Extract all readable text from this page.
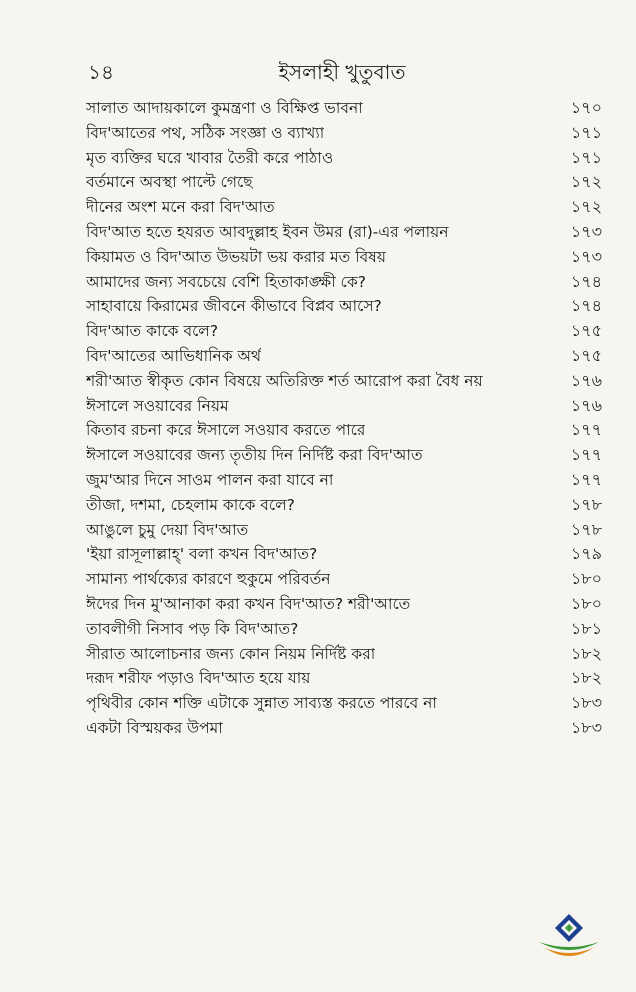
১৪	ইসলাহী খুতুবাত
সালাত আদায়কালে কুমন্ত্রণা ও বিক্ষিপ্ত ভাবনা	১৭০
বিদ'আতের পথ, সঠিক সংজ্ঞা ও ব্যাখ্যা	১৭১
মৃত ব্যক্তির ঘরে খাবার তৈরী করে পাঠাও	১৭১
বর্তমানে অবস্থা পাল্টে গেছে	১৭২
দীনের অংশ মনে করা বিদ'আত	১৭২
বিদ'আত হতে হযরত আবদুল্লাহ ইবন উমর (রা)-এর পলায়ন	১৭৩
কিয়ামত ও বিদ'আত উভয়টা ভয় করার মত বিষয়	১৭৩
আমাদের জন্য সবচেয়ে বেশি হিতাকাঙ্ক্ষী কে?	১৭৪
সাহাবায়ে কিরামের জীবনে কীভাবে বিপ্লব আসে?	১৭৪
বিদ'আত কাকে বলে?	১৭৫
বিদ'আতের আভিধানিক অর্থ	১৭৫
শরী'আত স্বীকৃত কোন বিষয়ে অতিরিক্ত শর্ত আরোপ করা বৈধ নয়	১৭৬
ঈসালে সওয়াবের নিয়ম	১৭৬
কিতাব রচনা করে ঈসালে সওয়াব করতে পারে	১৭৭
ঈসালে সওয়াবের জন্য তৃতীয় দিন নির্দিষ্ট করা বিদ'আত	১৭৭
জুম'আর দিনে সাওম পালন করা যাবে না	১৭৭
তীজা, দশমা, চেহলাম কাকে বলে?	১৭৮
আঙুলে চুমু দেয়া বিদ'আত	১৭৮
'ইয়া রাসূলাল্লাহ্' বলা কখন বিদ'আত?	১৭৯
সামান্য পার্থক্যের কারণে হুকুমে পরিবর্তন	১৮০
ঈদের দিন মু'আনাকা করা কখন বিদ'আত? শরী'আতে	১৮০
তাবলীগী নিসাব পড় কি বিদ'আত?	১৮১
সীরাত আলোচনার জন্য কোন নিয়ম নির্দিষ্ট করা	১৮২
দরূদ শরীফ পড়াও বিদ'আত হয়ে যায়	১৮২
পৃথিবীর কোন শক্তি এটাকে সুন্নাত সাব্যস্ত করতে পারবে না	১৮৩
একটা বিস্ময়কর উপমা	১৮৩
